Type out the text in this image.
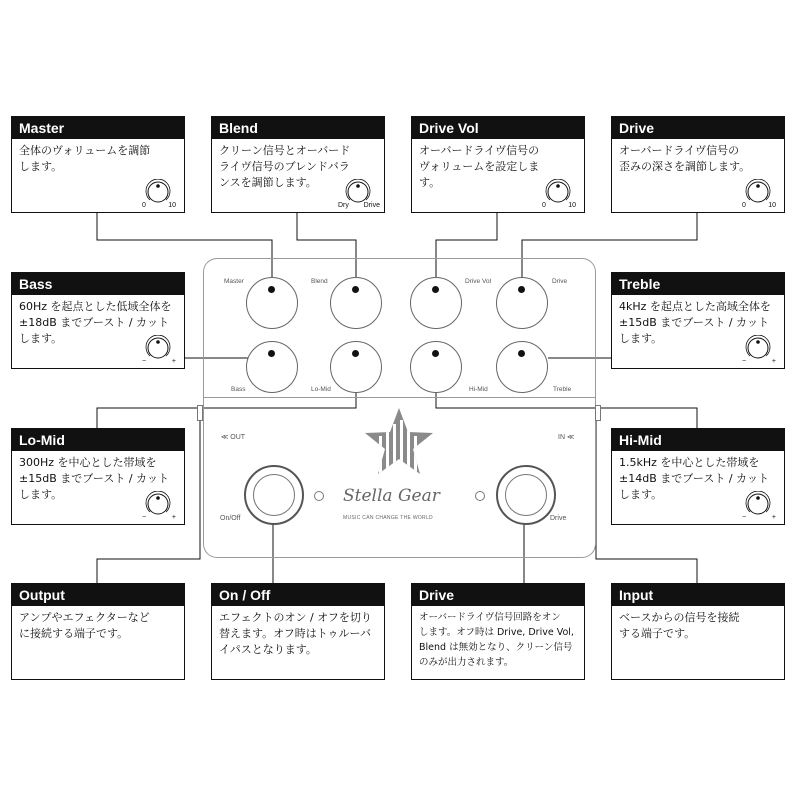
Master
全体のヴォリュームを調節
します。
0	10
Blend
クリーン信号とオーバード
ライヴ信号のブレンドバラ
ンスを調節します。
Dry Drive
Drive Vol
オーバードライヴ信号の
ヴォリュームを設定しま
す。
0	10
Drive
オーバードライヴ信号の
歪みの深さを調節します。
0	10
Bass
60Hz を起点とした低域全体を
±18dB までブースト / カット
します。
−	+
Treble
4kHz を起点とした高域全体を
±15dB までブースト / カット
します。
−	+
Lo-Mid
300Hz を中心とした帯域を
±15dB までブースト / カット
します。
−	+
Hi-Mid
1.5kHz を中心とした帯域を
±14dB までブースト / カット
します。
−	+
Output
アンプやエフェクターなど
に接続する端子です。
On / Off
エフェクトのオン / オフを切り
替えます。オフ時はトゥルーバ
イパスとなります。
Drive
オーバードライヴ信号回路をオン
します。オフ時は Drive, Drive Vol,
Blend は無効となり、クリーン信号
のみが出力されます。
Input
ベースからの信号を接続
する端子です。
Master	Blend	Drive Vol	Drive
Bass	Lo-Mid	Hi-Mid	Treble
≪ OUT	IN ≪
On/Off	Drive
Stella Gear
MUSIC CAN CHANGE THE WORLD
